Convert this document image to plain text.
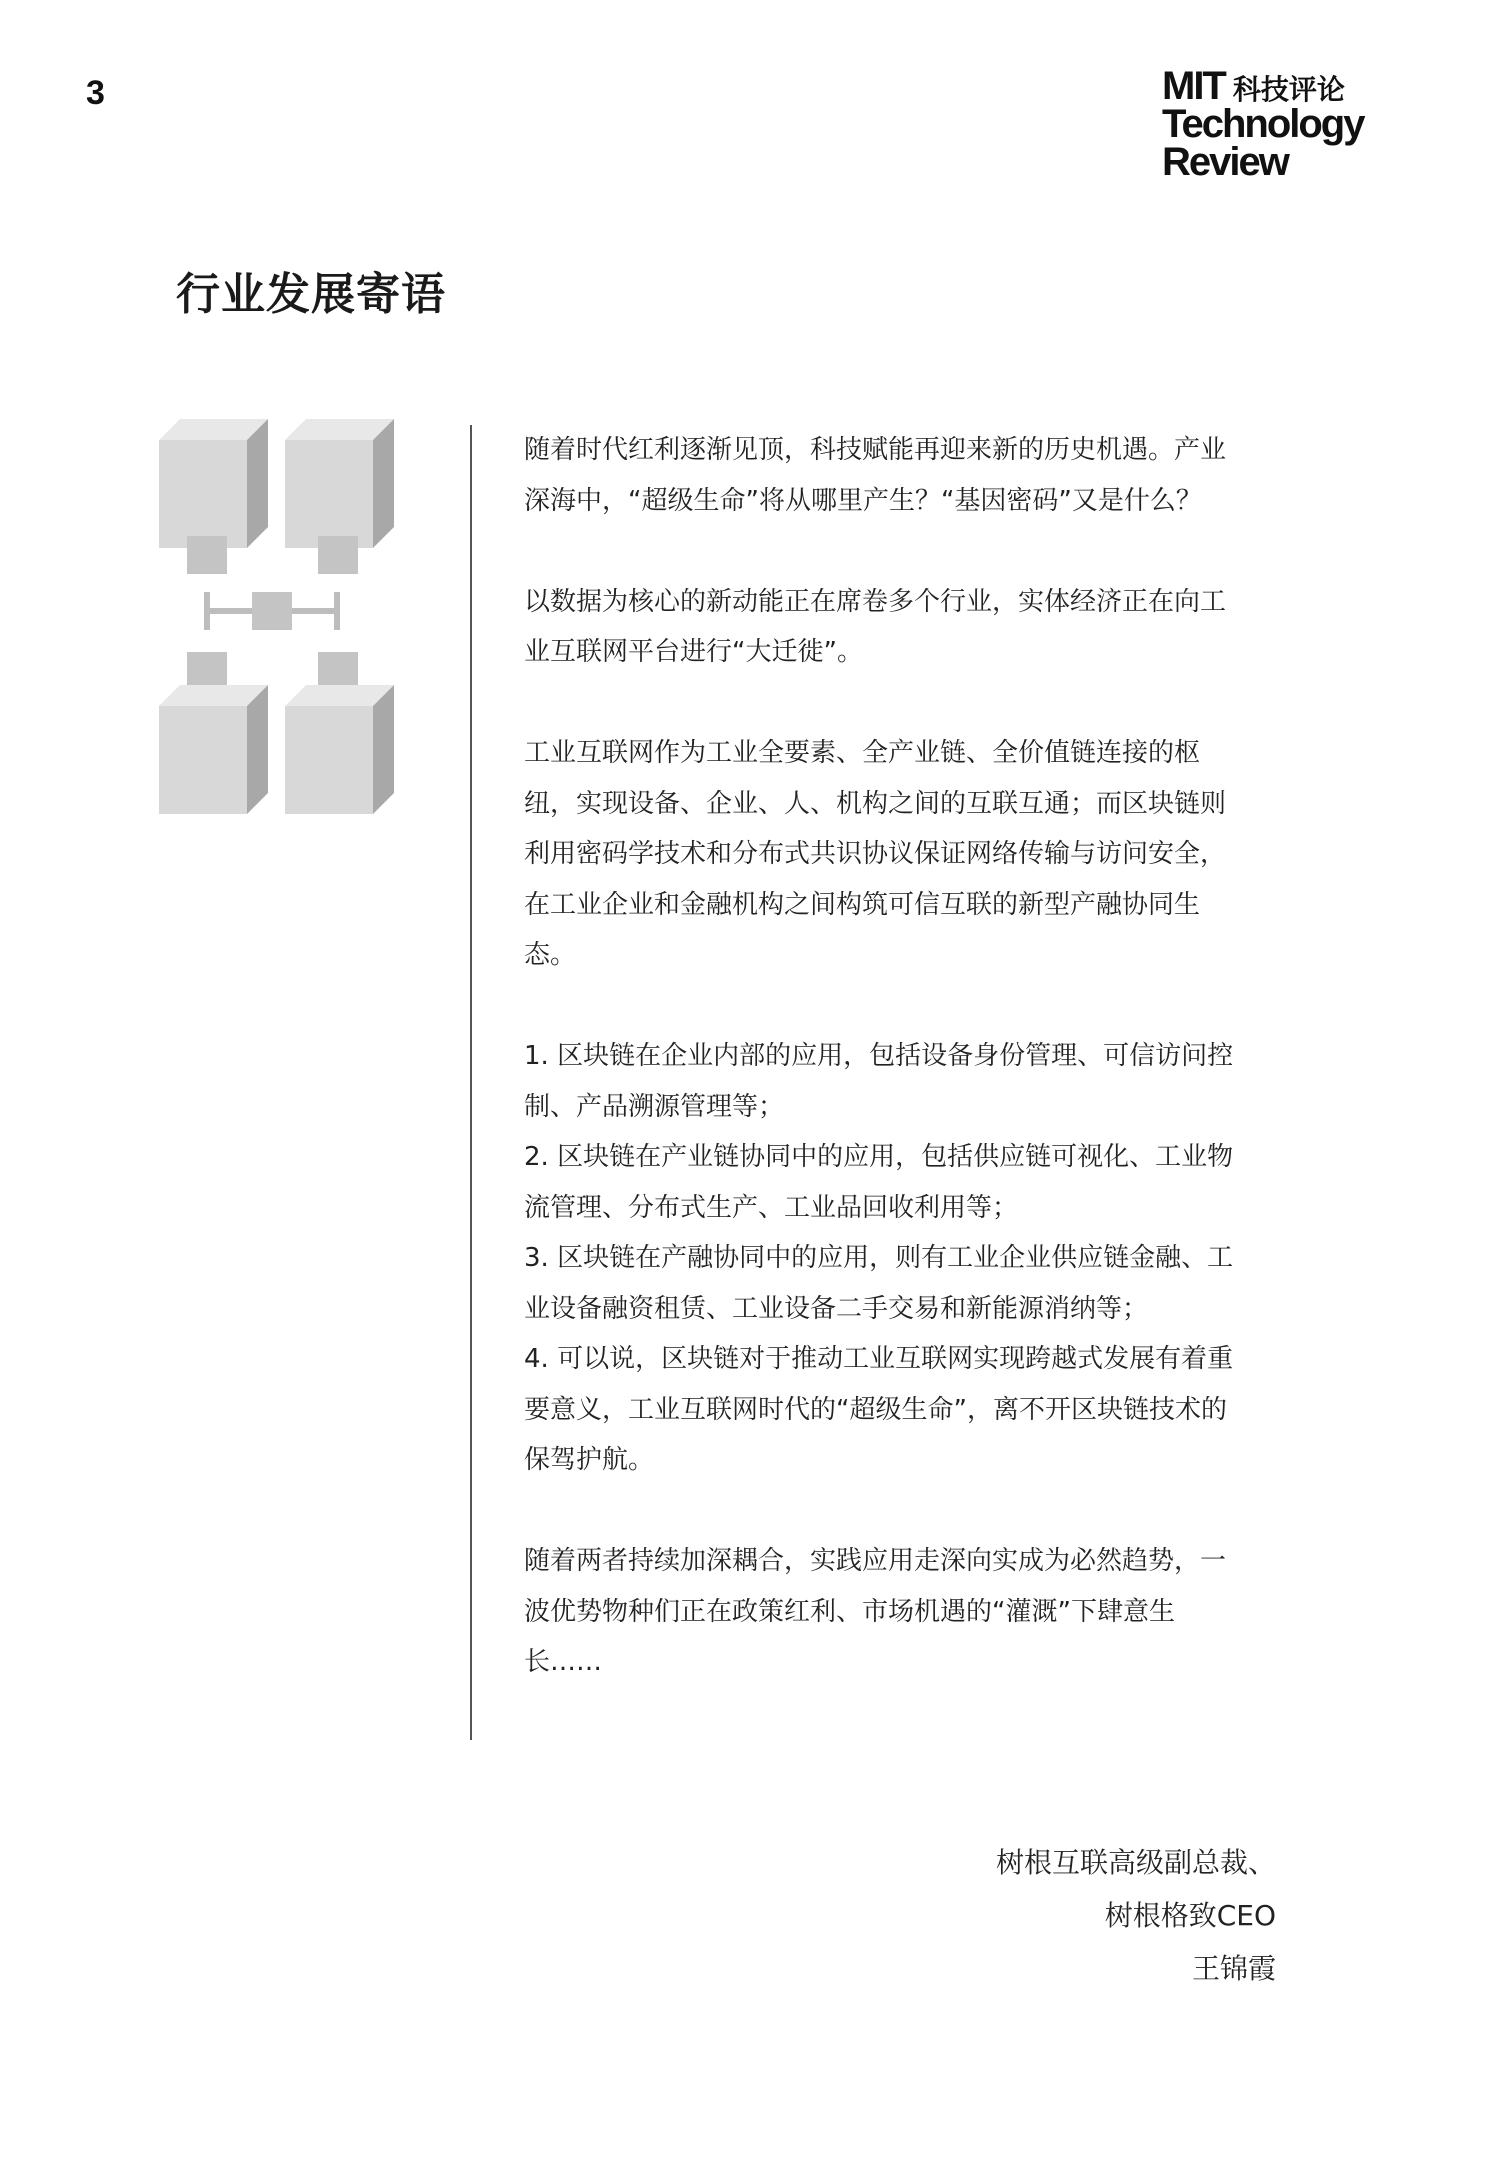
3	MIT 科技评论
Technology
Review
行业发展寄语

随着时代红利逐渐见顶，科技赋能再迎来新的历史机遇。产业深海中，“超级生命”将从哪里产生？“基因密码”又是什么？

以数据为核心的新动能正在席卷多个行业，实体经济正在向工业互联网平台进行“大迁徙”。

工业互联网作为工业全要素、全产业链、全价值链连接的枢纽，实现设备、企业、人、机构之间的互联互通；而区块链则利用密码学技术和分布式共识协议保证网络传输与访问安全，在工业企业和金融机构之间构筑可信互联的新型产融协同生态。

1. 区块链在企业内部的应用，包括设备身份管理、可信访问控制、产品溯源管理等；

2. 区块链在产业链协同中的应用，包括供应链可视化、工业物流管理、分布式生产、工业品回收利用等；

3. 区块链在产融协同中的应用，则有工业企业供应链金融、工业设备融资租赁、工业设备二手交易和新能源消纳等；

4. 可以说，区块链对于推动工业互联网实现跨越式发展有着重要意义，工业互联网时代的“超级生命”，离不开区块链技术的保驾护航。

随着两者持续加深耦合，实践应用走深向实成为必然趋势，一波优势物种们正在政策红利、市场机遇的“灌溉”下肆意生长……

树根互联高级副总裁、
树根格致CEO
王锦霞
